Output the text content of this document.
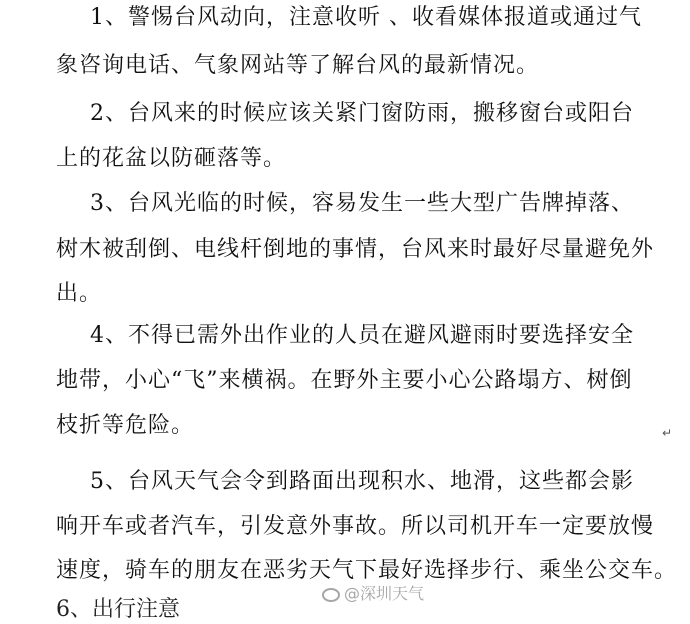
1、警惕台风动向，注意收听 、收看媒体报道或通过气
象咨询电话、气象网站等了解台风的最新情况。
2、台风来的时候应该关紧门窗防雨，搬移窗台或阳台
上的花盆以防砸落等。
3、台风光临的时候，容易发生一些大型广告牌掉落、
树木被刮倒、电线杆倒地的事情，台风来时最好尽量避免外
出。
4、不得已需外出作业的人员在避风避雨时要选择安全
地带，小心“飞”来横祸。在野外主要小心公路塌方、树倒
枝折等危险。	↵
5、台风天气会令到路面出现积水、地滑，这些都会影
响开车或者汽车，引发意外事故。所以司机开车一定要放慢
速度，骑车的朋友在恶劣天气下最好选择步行、乘坐公交车。
6、出行注意
@深圳天气
